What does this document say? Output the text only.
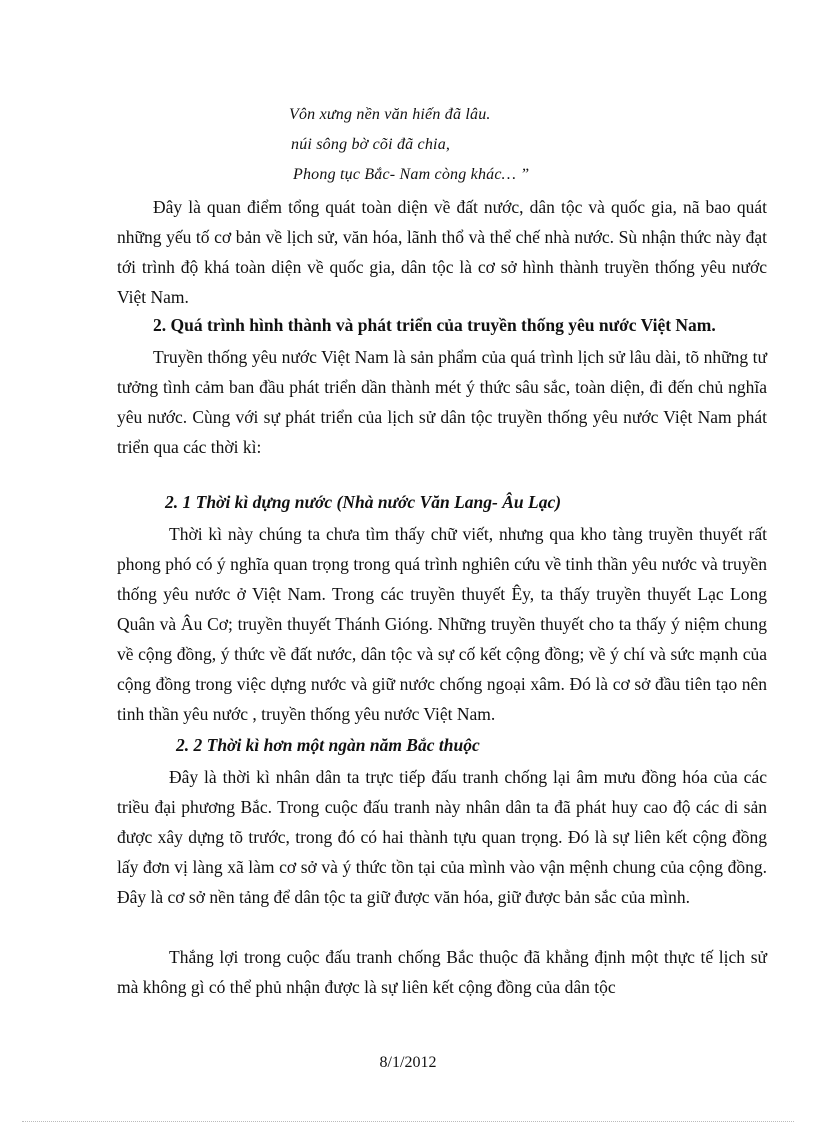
Vôn xưng nền văn hiến đã lâu.
núi sông bờ cõi đã chia,
Phong tục Bắc- Nam còng khác… ”
Đây là quan điểm tổng quát toàn diện về đất nước, dân tộc và quốc gia, nã bao quát những yếu tố cơ bản về lịch sử, văn hóa, lãnh thổ và thể chế nhà nước. Sù nhận thức này đạt tới trình độ khá toàn diện về quốc gia, dân tộc là cơ sở hình thành truyền thống yêu nước Việt Nam.
2. Quá trình hình thành và phát triển của truyền thống yêu nước Việt Nam.
Truyền thống yêu nước Việt Nam là sản phẩm của quá trình lịch sử lâu dài, tõ những tư tưởng tình cảm ban đầu phát triển dần thành mét ý thức sâu sắc, toàn diện, đi đến chủ nghĩa yêu nước. Cùng với sự phát triển của lịch sử dân tộc truyền thống yêu nước Việt Nam phát triển qua các thời kì:
2. 1 Thời kì dựng nước (Nhà nước Văn Lang- Âu Lạc)
Thời kì này chúng ta chưa tìm thấy chữ viết, nhưng qua kho tàng truyền thuyết rất phong phó có ý nghĩa quan trọng trong quá trình nghiên cứu về tinh thần yêu nước và truyền thống yêu nước ở Việt Nam. Trong các truyền thuyết Êy, ta thấy truyền thuyết Lạc Long Quân và Âu Cơ; truyền thuyết Thánh Gióng. Những truyền thuyết cho ta thấy ý niệm chung về cộng đồng, ý thức về đất nước, dân tộc và sự cố kết cộng đồng; về ý chí và sức mạnh của cộng đồng trong việc dựng nước và giữ nước chống ngoại xâm. Đó là cơ sở đầu tiên tạo nên tinh thần yêu nước , truyền thống yêu nước Việt Nam.
2. 2 Thời kì hơn một ngàn năm Bắc thuộc
Đây là thời kì nhân dân ta trực tiếp đấu tranh chống lại âm mưu đồng hóa của các triều đại phương Bắc. Trong cuộc đấu tranh này nhân dân ta đã phát huy cao độ các di sản được xây dựng tõ trước, trong đó có hai thành tựu quan trọng. Đó là sự liên kết cộng đồng lấy đơn vị làng xã làm cơ sở và ý thức tồn tại của mình vào vận mệnh chung của cộng đồng. Đây là cơ sở nền tảng để dân tộc ta giữ được văn hóa, giữ được bản sắc của mình.
Thắng lợi trong cuộc đấu tranh chống Bắc thuộc đã khẳng định một thực tế lịch sử mà không gì có thể phủ nhận được là sự liên kết cộng đồng của dân tộc
8/1/2012
